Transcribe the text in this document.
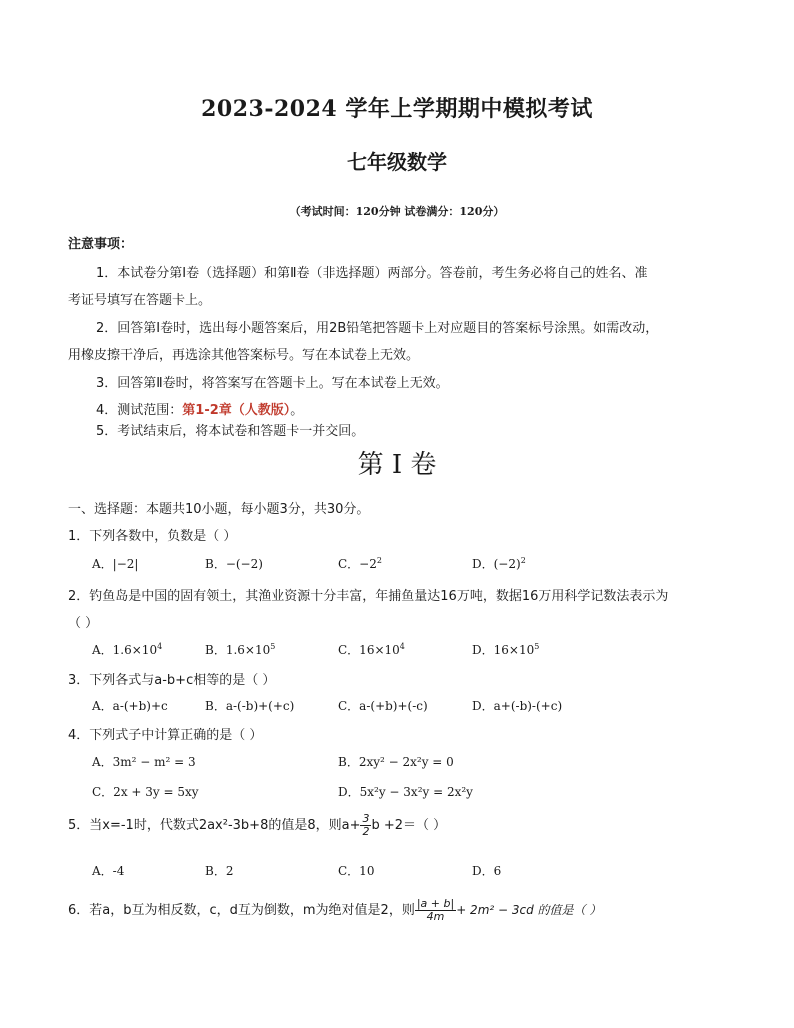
2023-2024 学年上学期期中模拟考试
七年级数学
（考试时间：120分钟 试卷满分：120分）
注意事项：
1．本试卷分第Ⅰ卷（选择题）和第Ⅱ卷（非选择题）两部分。答卷前，考生务必将自己的姓名、准
考证号填写在答题卡上。
2．回答第Ⅰ卷时，选出每小题答案后，用2B铅笔把答题卡上对应题目的答案标号涂黑。如需改动，
用橡皮擦干净后，再选涂其他答案标号。写在本试卷上无效。
3．回答第Ⅱ卷时，将答案写在答题卡上。写在本试卷上无效。
4．测试范围：第1-2章（人教版）。
5．考试结束后，将本试卷和答题卡一并交回。
第 I 卷
一、选择题：本题共10小题，每小题3分，共30分。
1．下列各数中，负数是（ ）
A．|−2|	B．−(−2)	C．$-2^2$	D．$(-2)^2$
2．钓鱼岛是中国的固有领土，其渔业资源十分丰富，年捕鱼量达16万吨，数据16万用科学记数法表示为
（ ）
A．$1.6\times 10^4$	B．$1.6\times 10^5$	C．$16\times 10^4$	D．$16\times 10^5$
3．下列各式与a-b+c相等的是（ ）
A．a-(+b)+c	B．a-(-b)+(+c)	C．a-(+b)+(-c)	D．a+(-b)-(+c)
4．下列式子中计算正确的是（ ）
A．3m² − m² = 3	B．2xy² − 2x²y = 0
C．2x + 3y = 5xy	D．5x²y − 3x²y = 2x²y
5．当x=-1时，代数式2ax²-3b+8的值是8，则$a+ \frac{3}{2}$ b +2＝（ ）
A．-4	B．2	C．10	D．6
6．若a，b互为相反数，c，d互为倒数，m为绝对值是2，则 $\frac{|a + b|}{4m} + 2m^2 - 3cd$ 的值是（ ）
